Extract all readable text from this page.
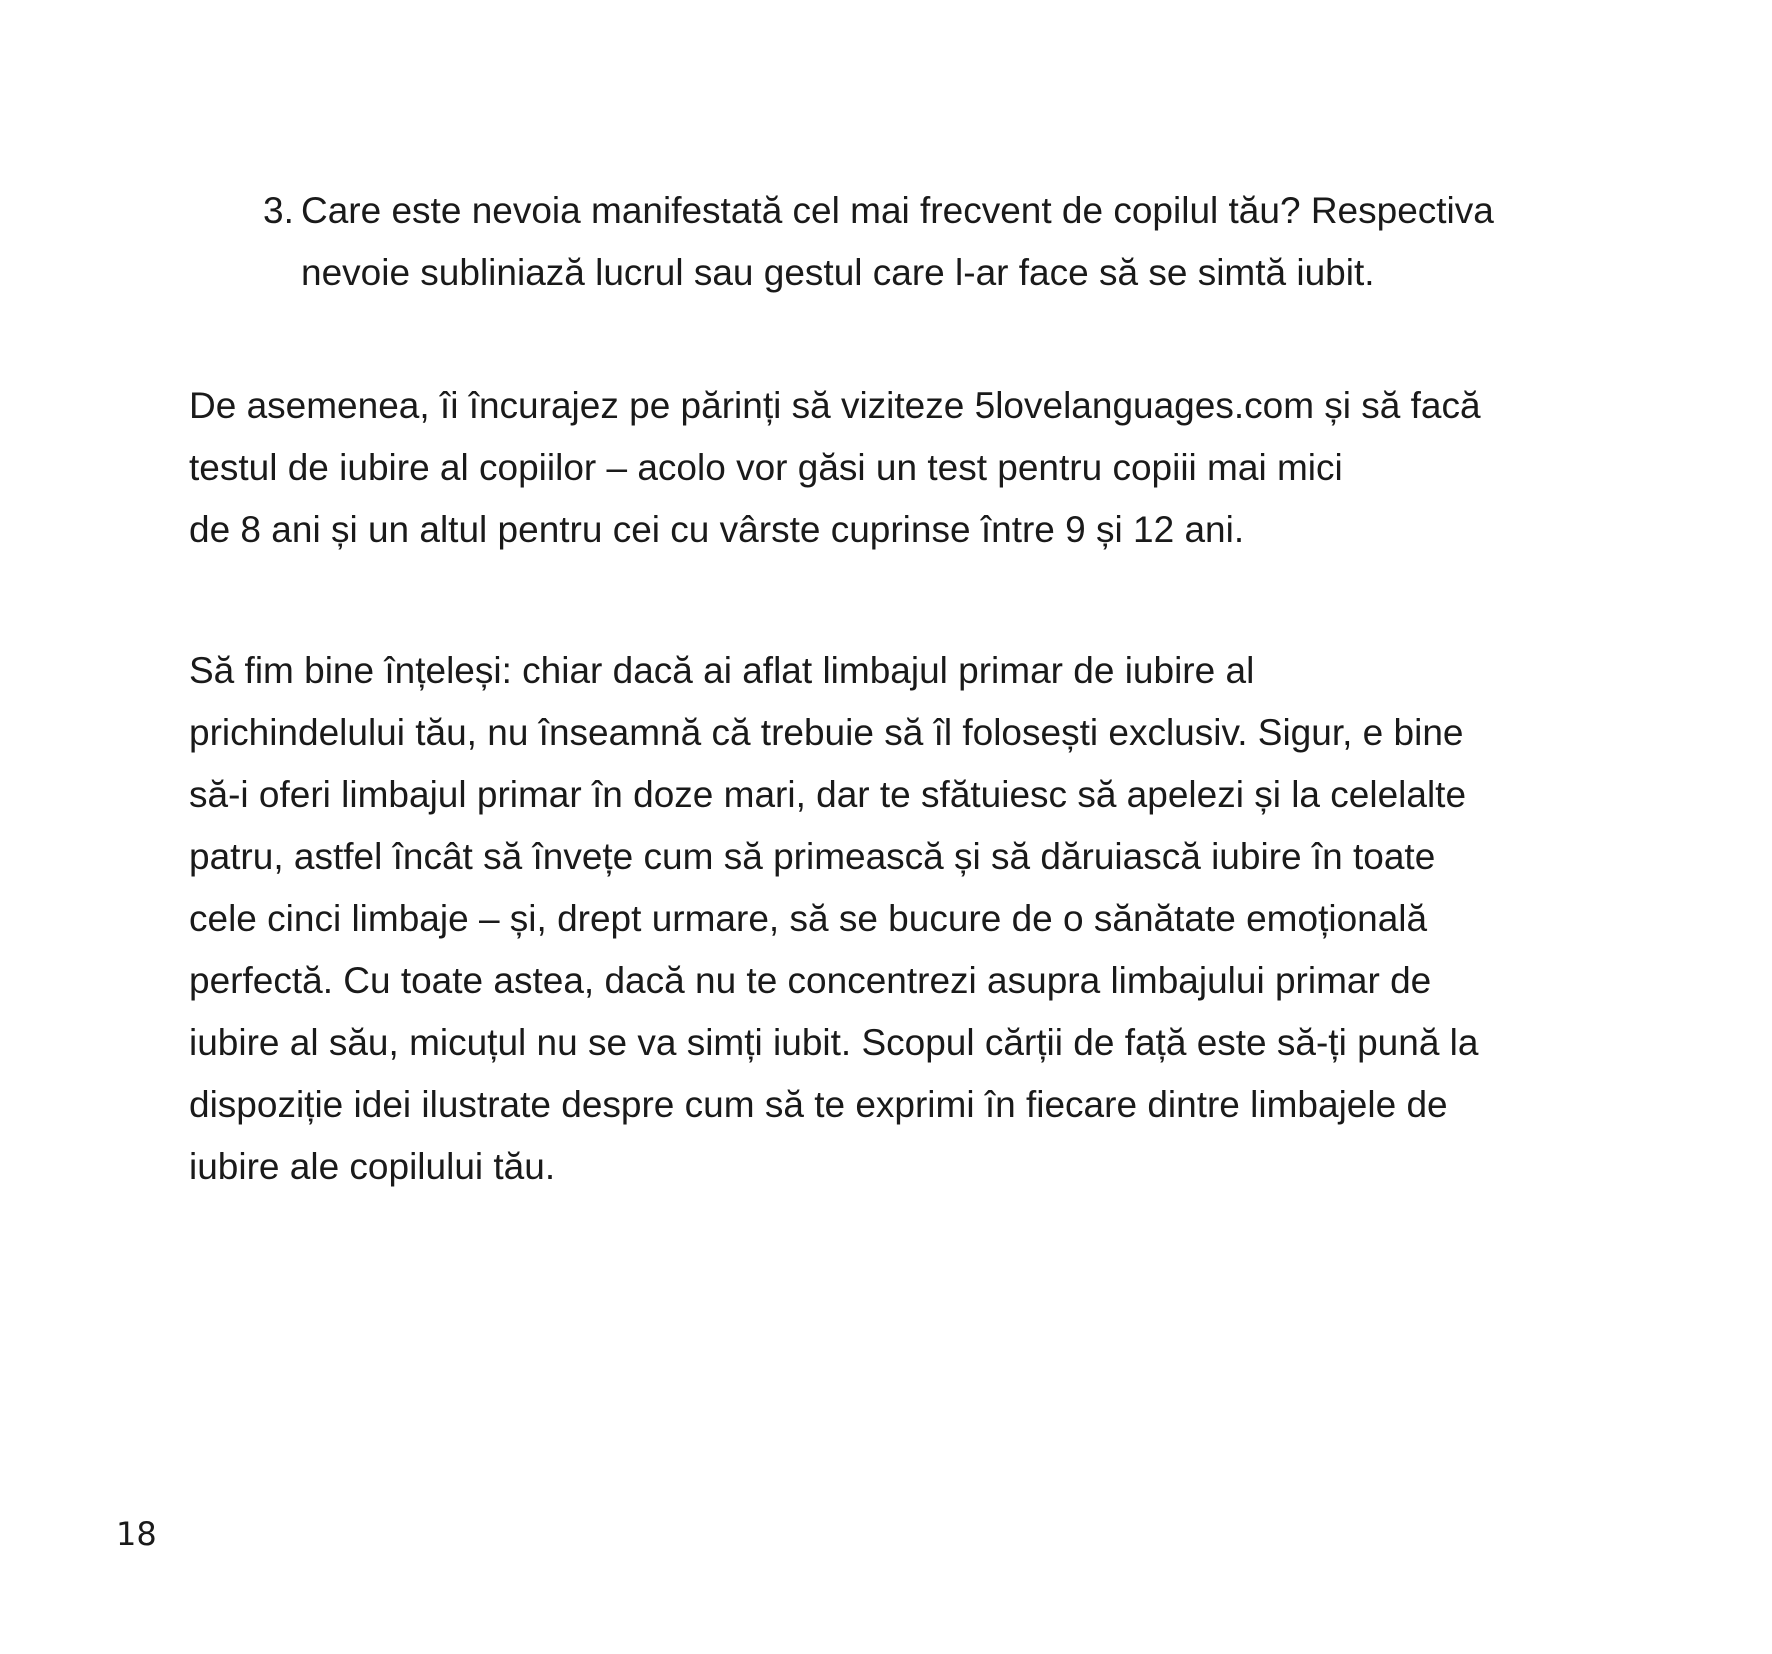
3. Care este nevoia manifestată cel mai frecvent de copilul tău? Respectiva
nevoie subliniază lucrul sau gestul care l-ar face să se simtă iubit.
De asemenea, îi încurajez pe părinți să viziteze 5lovelanguages.com și să facă
testul de iubire al copiilor – acolo vor găsi un test pentru copiii mai mici
de 8 ani și un altul pentru cei cu vârste cuprinse între 9 și 12 ani.
Să fim bine înțeleși: chiar dacă ai aflat limbajul primar de iubire al
prichindelului tău, nu înseamnă că trebuie să îl folosești exclusiv. Sigur, e bine
să-i oferi limbajul primar în doze mari, dar te sfătuiesc să apelezi și la celelalte
patru, astfel încât să învețe cum să primească și să dăruiască iubire în toate
cele cinci limbaje – și, drept urmare, să se bucure de o sănătate emoțională
perfectă. Cu toate astea, dacă nu te concentrezi asupra limbajului primar de
iubire al său, micuțul nu se va simți iubit. Scopul cărții de față este să-ți pună la
dispoziție idei ilustrate despre cum să te exprimi în fiecare dintre limbajele de
iubire ale copilului tău.
18
